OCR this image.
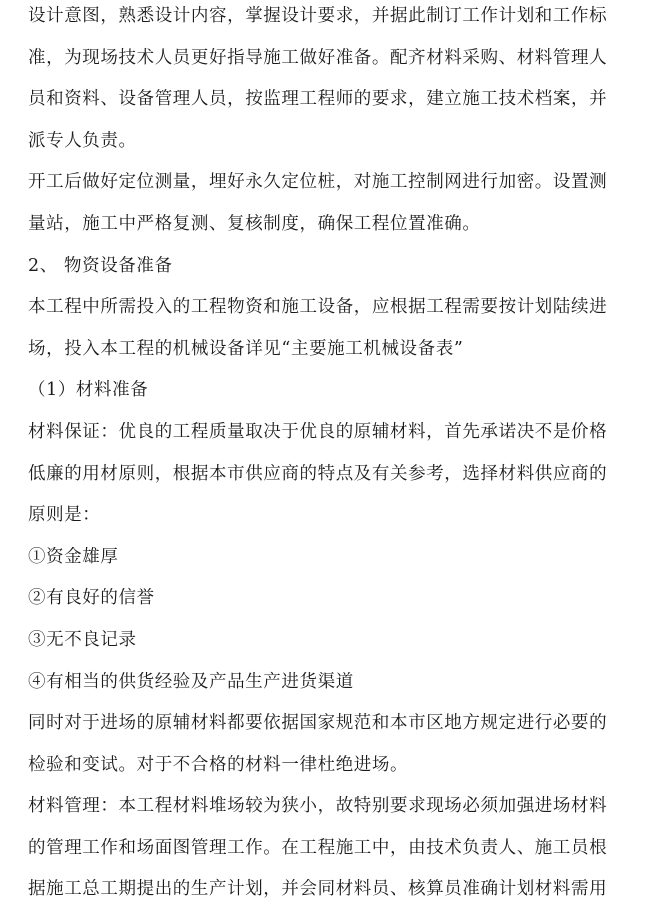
设计意图，熟悉设计内容，掌握设计要求，并据此制订工作计划和工作标
准，为现场技术人员更好指导施工做好准备。配齐材料采购、材料管理人
员和资料、设备管理人员，按监理工程师的要求，建立施工技术档案，并
派专人负责。
开工后做好定位测量，埋好永久定位桩，对施工控制网进行加密。设置测
量站，施工中严格复测、复核制度，确保工程位置准确。
2、 物资设备准备
本工程中所需投入的工程物资和施工设备，应根据工程需要按计划陆续进
场，投入本工程的机械设备详见“主要施工机械设备表”
（1）材料准备
材料保证：优良的工程质量取决于优良的原辅材料，首先承诺决不是价格
低廉的用材原则，根据本市供应商的特点及有关参考，选择材料供应商的
原则是：
①资金雄厚
②有良好的信誉
③无不良记录
④有相当的供货经验及产品生产进货渠道
同时对于进场的原辅材料都要依据国家规范和本市区地方规定进行必要的
检验和变试。对于不合格的材料一律杜绝进场。
材料管理：本工程材料堆场较为狭小，故特别要求现场必须加强进场材料
的管理工作和场面图管理工作。在工程施工中，由技术负责人、施工员根
据施工总工期提出的生产计划，并会同材料员、核算员准确计划材料需用
